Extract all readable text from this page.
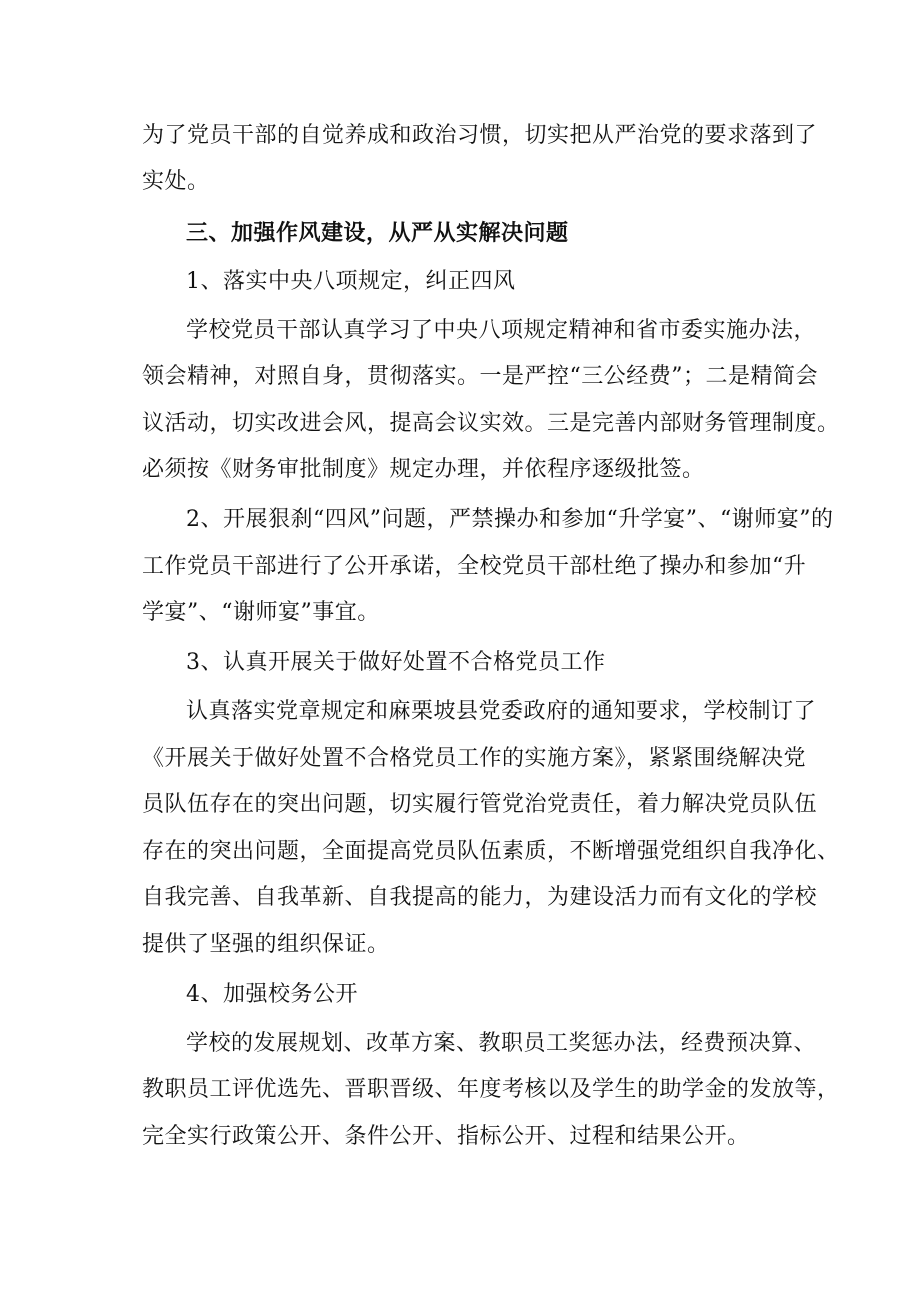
为了党员干部的自觉养成和政治习惯，切实把从严治党的要求落到了
实处。
三、加强作风建设，从严从实解决问题
1、落实中央八项规定，纠正四风
学校党员干部认真学习了中央八项规定精神和省市委实施办法，
领会精神，对照自身，贯彻落实。一是严控“三公经费”；二是精简会
议活动，切实改进会风，提高会议实效。三是完善内部财务管理制度。
必须按《财务审批制度》规定办理，并依程序逐级批签。
2、开展狠刹“四风”问题，严禁操办和参加“升学宴”、“谢师宴”的
工作党员干部进行了公开承诺，全校党员干部杜绝了操办和参加“升
学宴”、“谢师宴”事宜。
3、认真开展关于做好处置不合格党员工作
认真落实党章规定和麻栗坡县党委政府的通知要求，学校制订了
《开展关于做好处置不合格党员工作的实施方案》，紧紧围绕解决党
员队伍存在的突出问题，切实履行管党治党责任，着力解决党员队伍
存在的突出问题，全面提高党员队伍素质，不断增强党组织自我净化、
自我完善、自我革新、自我提高的能力，为建设活力而有文化的学校
提供了坚强的组织保证。
4、加强校务公开
学校的发展规划、改革方案、教职员工奖惩办法，经费预决算、
教职员工评优选先、晋职晋级、年度考核以及学生的助学金的发放等，
完全实行政策公开、条件公开、指标公开、过程和结果公开。
